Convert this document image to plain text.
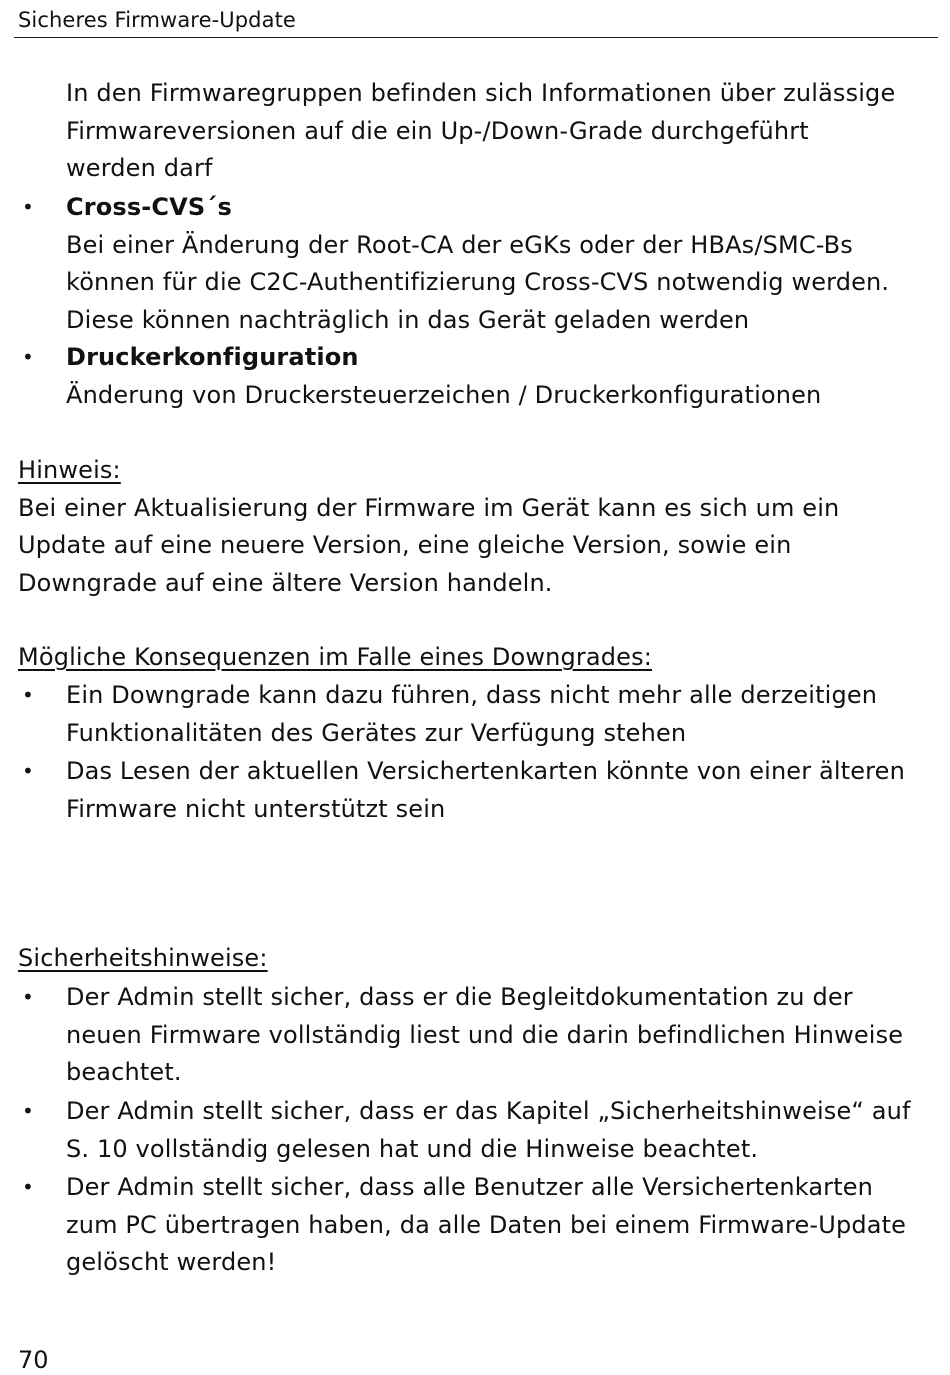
Sicheres Firmware-Update
In den Firmwaregruppen befinden sich Informationen über zulässige
Firmwareversionen auf die ein Up-/Down-Grade durchgeführt
werden darf
• Cross-CVS´s
Bei einer Änderung der Root-CA der eGKs oder der HBAs/SMC-Bs
können für die C2C-Authentifizierung Cross-CVS notwendig werden.
Diese können nachträglich in das Gerät geladen werden
• Druckerkonfiguration
Änderung von Druckersteuerzeichen / Druckerkonfigurationen
Hinweis:
Bei einer Aktualisierung der Firmware im Gerät kann es sich um ein
Update auf eine neuere Version, eine gleiche Version, sowie ein
Downgrade auf eine ältere Version handeln.
Mögliche Konsequenzen im Falle eines Downgrades:
• Ein Downgrade kann dazu führen, dass nicht mehr alle derzeitigen
Funktionalitäten des Gerätes zur Verfügung stehen
• Das Lesen der aktuellen Versichertenkarten könnte von einer älteren
Firmware nicht unterstützt sein
Sicherheitshinweise:
• Der Admin stellt sicher, dass er die Begleitdokumentation zu der
neuen Firmware vollständig liest und die darin befindlichen Hinweise
beachtet.
• Der Admin stellt sicher, dass er das Kapitel „Sicherheitshinweise“ auf
S. 10 vollständig gelesen hat und die Hinweise beachtet.
• Der Admin stellt sicher, dass alle Benutzer alle Versichertenkarten
zum PC übertragen haben, da alle Daten bei einem Firmware-Update
gelöscht werden!
70
